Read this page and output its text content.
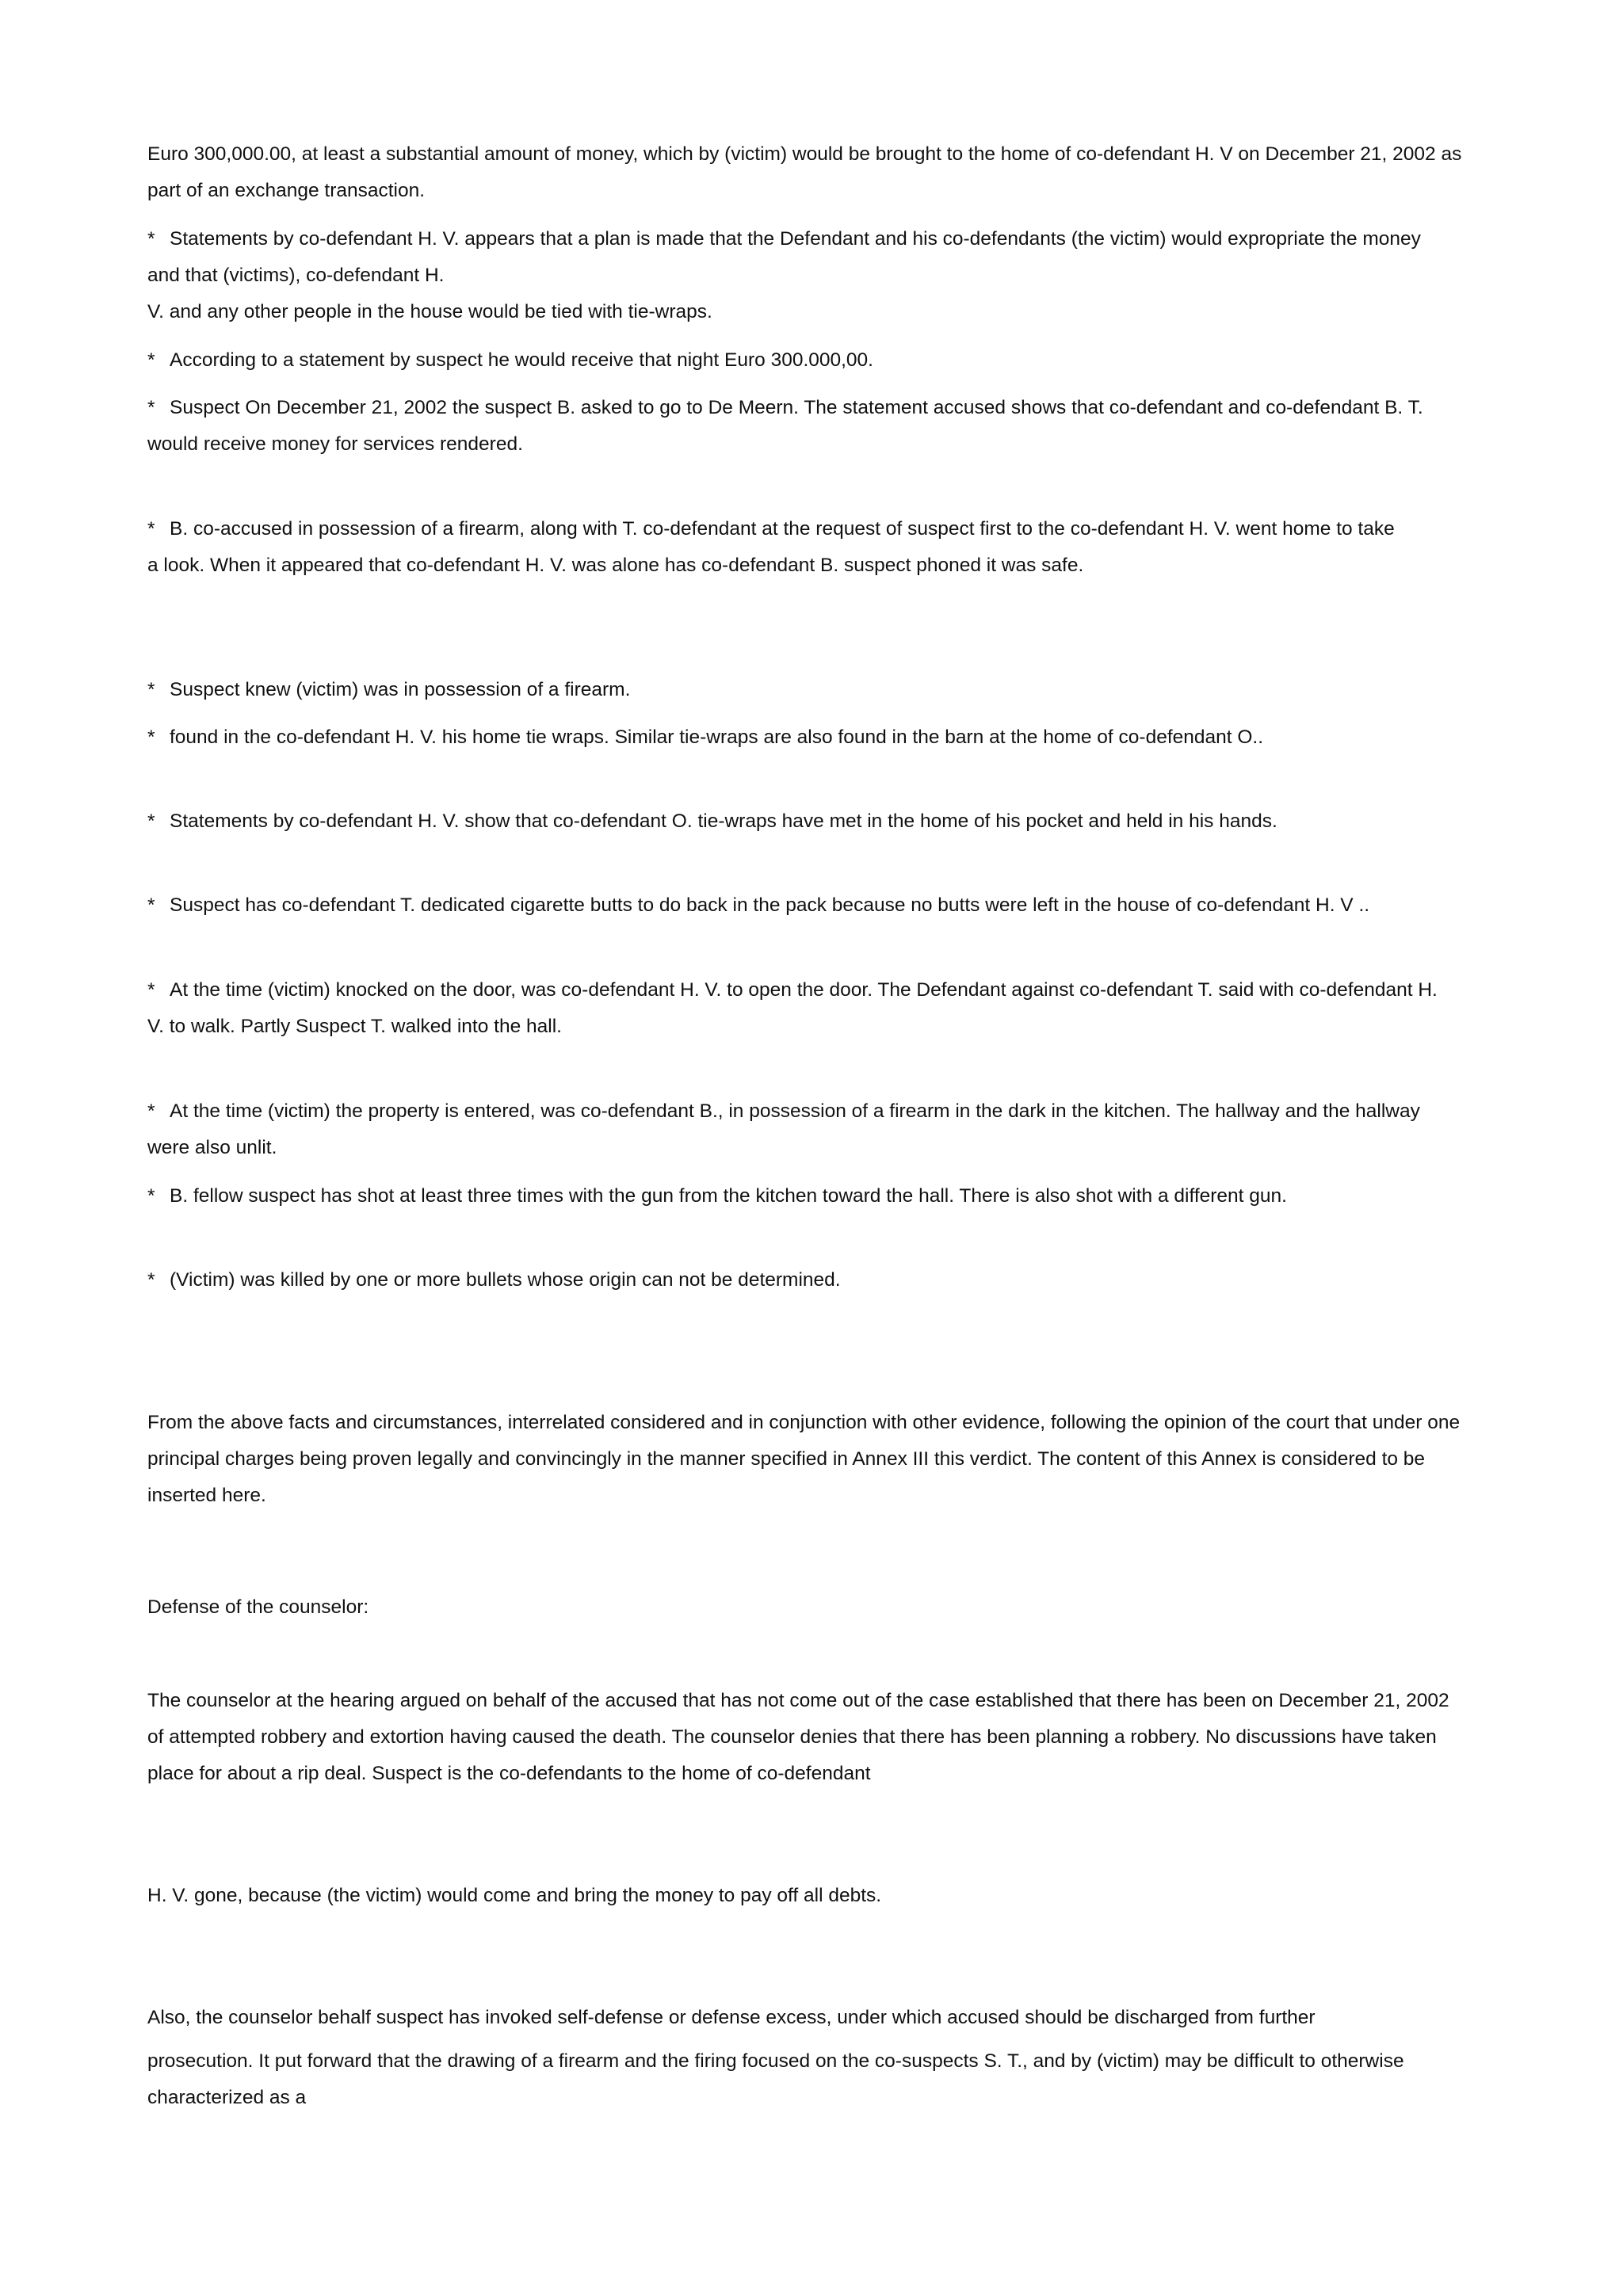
Euro 300,000.00, at least a substantial amount of money, which by (victim) would be brought to the home of co-defendant H. V on December 21, 2002 as
part of an exchange transaction.
* Statements by co-defendant H. V. appears that a plan is made that the Defendant and his co-defendants (the victim) would expropriate the money
and that (victims), co-defendant H.
V. and any other people in the house would be tied with tie-wraps.
* According to a statement by suspect he would receive that night Euro 300.000,00.
* Suspect On December 21, 2002 the suspect B. asked to go to De Meern. The statement accused shows that co-defendant and co-defendant B. T.
would receive money for services rendered.
* B. co-accused in possession of a firearm, along with T. co-defendant at the request of suspect first to the co-defendant H. V. went home to take
a look. When it appeared that co-defendant H. V. was alone has co-defendant B. suspect phoned it was safe.
* Suspect knew (victim) was in possession of a firearm.
* found in the co-defendant H. V. his home tie wraps. Similar tie-wraps are also found in the barn at the home of co-defendant O..
* Statements by co-defendant H. V. show that co-defendant O. tie-wraps have met in the home of his pocket and held in his hands.
* Suspect has co-defendant T. dedicated cigarette butts to do back in the pack because no butts were left in the house of co-defendant H. V ..
* At the time (victim) knocked on the door, was co-defendant H. V. to open the door. The Defendant against co-defendant T. said with co-defendant H.
V. to walk. Partly Suspect T. walked into the hall.
* At the time (victim) the property is entered, was co-defendant B., in possession of a firearm in the dark in the kitchen. The hallway and the hallway
were also unlit.
* B. fellow suspect has shot at least three times with the gun from the kitchen toward the hall. There is also shot with a different gun.
* (Victim) was killed by one or more bullets whose origin can not be determined.
From the above facts and circumstances, interrelated considered and in conjunction with other evidence, following the opinion of the court that under one
principal charges being proven legally and convincingly in the manner specified in Annex III this verdict. The content of this Annex is considered to be
inserted here.
Defense of the counselor:
The counselor at the hearing argued on behalf of the accused that has not come out of the case established that there has been on December 21, 2002
of attempted robbery and extortion having caused the death. The counselor denies that there has been planning a robbery. No discussions have taken
place for about a rip deal. Suspect is the co-defendants to the home of co-defendant
H. V. gone, because (the victim) would come and bring the money to pay off all debts.
Also, the counselor behalf suspect has invoked self-defense or defense excess, under which accused should be discharged from further
prosecution. It put forward that the drawing of a firearm and the firing focused on the co-suspects S. T., and by (victim) may be difficult to otherwise
characterized as a
